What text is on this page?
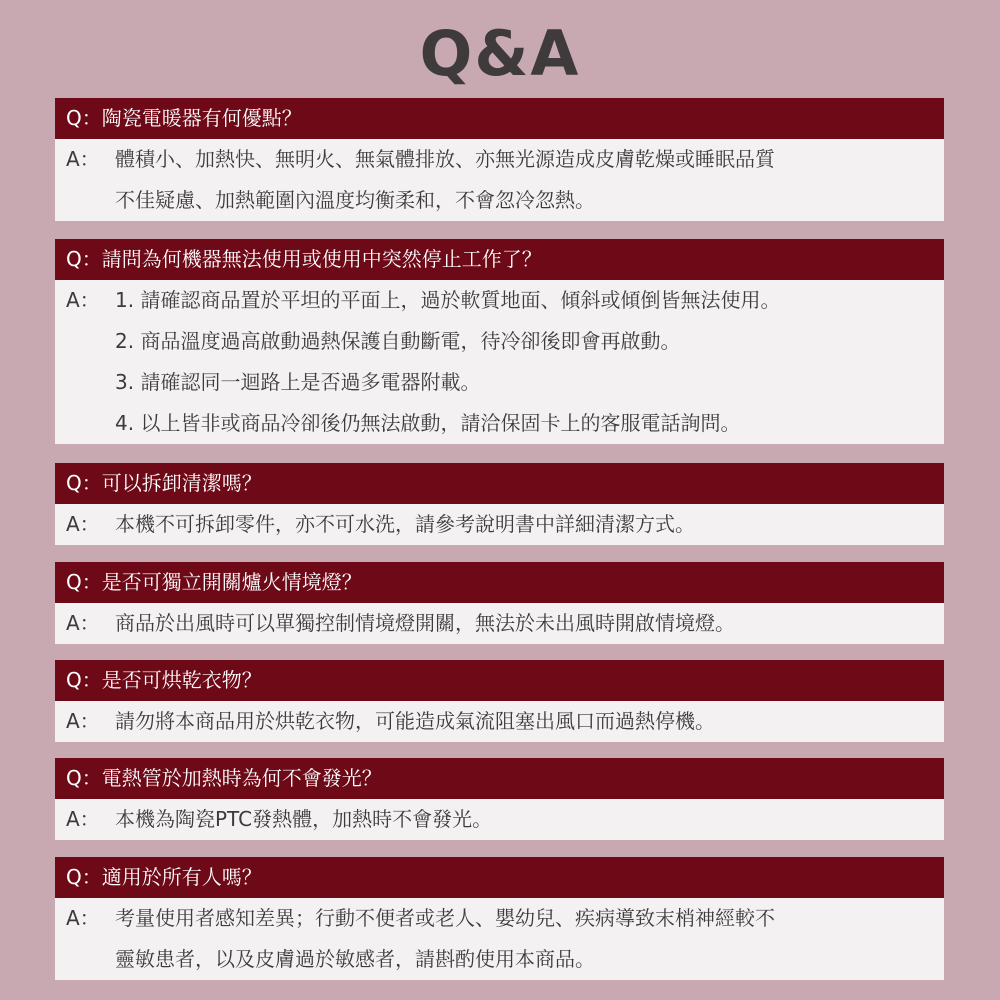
Q&A
Q：陶瓷電暖器有何優點？
A： 體積小、加熱快、無明火、無氣體排放、亦無光源造成皮膚乾燥或睡眠品質
不佳疑慮、加熱範圍內溫度均衡柔和，不會忽冷忽熱。
Q：請問為何機器無法使用或使用中突然停止工作了？
A： 1. 請確認商品置於平坦的平面上，過於軟質地面、傾斜或傾倒皆無法使用。
2. 商品溫度過高啟動過熱保護自動斷電，待冷卻後即會再啟動。
3. 請確認同一迴路上是否過多電器附載。
4. 以上皆非或商品冷卻後仍無法啟動，請洽保固卡上的客服電話詢問。
Q：可以拆卸清潔嗎？
A： 本機不可拆卸零件，亦不可水洗，請參考說明書中詳細清潔方式。
Q：是否可獨立開關爐火情境燈？
A： 商品於出風時可以單獨控制情境燈開關，無法於未出風時開啟情境燈。
Q：是否可烘乾衣物？
A： 請勿將本商品用於烘乾衣物，可能造成氣流阻塞出風口而過熱停機。
Q：電熱管於加熱時為何不會發光？
A： 本機為陶瓷PTC發熱體，加熱時不會發光。
Q：適用於所有人嗎？
A： 考量使用者感知差異；行動不便者或老人、嬰幼兒、疾病導致末梢神經較不
靈敏患者，以及皮膚過於敏感者，請斟酌使用本商品。
